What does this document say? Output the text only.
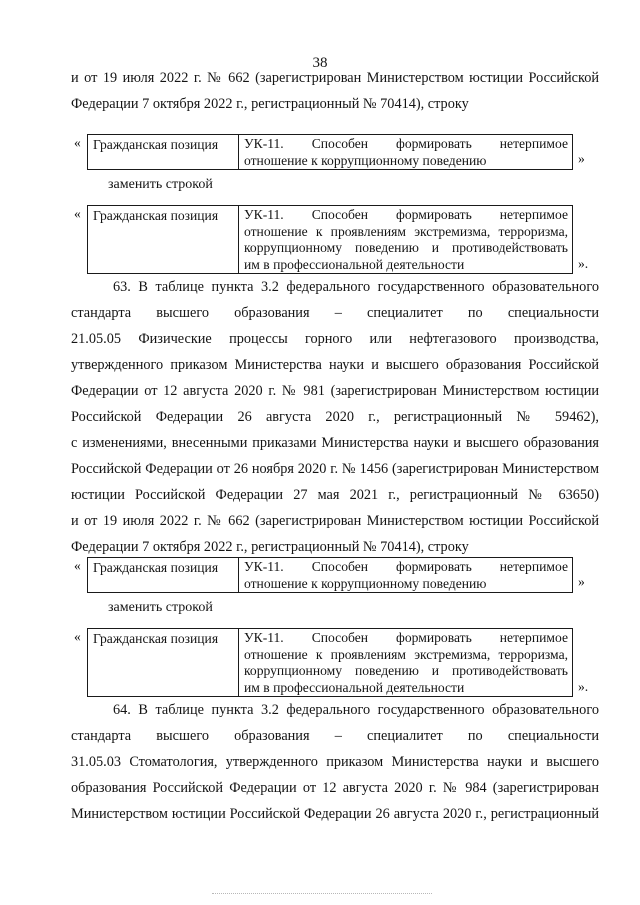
38
и от 19 июля 2022 г. № 662 (зарегистрирован Министерством юстиции Российской
Федерации 7 октября 2022 г., регистрационный № 70414), строку
« Гражданская позиция	УК-11. Способен формировать нетерпимое
отношение к коррупционному поведению	»
заменить строкой
« Гражданская позиция	УК-11. Способен формировать нетерпимое
отношение к проявлениям экстремизма, терроризма,
коррупционному поведению и противодействовать
им в профессиональной деятельности	».
63. В таблице пункта 3.2 федерального государственного образовательного
стандарта высшего образования – специалитет по специальности
21.05.05 Физические процессы горного или нефтегазового производства,
утвержденного приказом Министерства науки и высшего образования Российской
Федерации от 12 августа 2020 г. № 981 (зарегистрирован Министерством юстиции
Российской Федерации 26 августа 2020 г., регистрационный № 59462),
с изменениями, внесенными приказами Министерства науки и высшего образования
Российской Федерации от 26 ноября 2020 г. № 1456 (зарегистрирован Министерством
юстиции Российской Федерации 27 мая 2021 г., регистрационный № 63650)
и от 19 июля 2022 г. № 662 (зарегистрирован Министерством юстиции Российской
Федерации 7 октября 2022 г., регистрационный № 70414), строку
« Гражданская позиция	УК-11. Способен формировать нетерпимое
отношение к коррупционному поведению	»
заменить строкой
« Гражданская позиция	УК-11. Способен формировать нетерпимое
отношение к проявлениям экстремизма, терроризма,
коррупционному поведению и противодействовать
им в профессиональной деятельности	».
64. В таблице пункта 3.2 федерального государственного образовательного
стандарта высшего образования – специалитет по специальности
31.05.03 Стоматология, утвержденного приказом Министерства науки и высшего
образования Российской Федерации от 12 августа 2020 г. № 984 (зарегистрирован
Министерством юстиции Российской Федерации 26 августа 2020 г., регистрационный
